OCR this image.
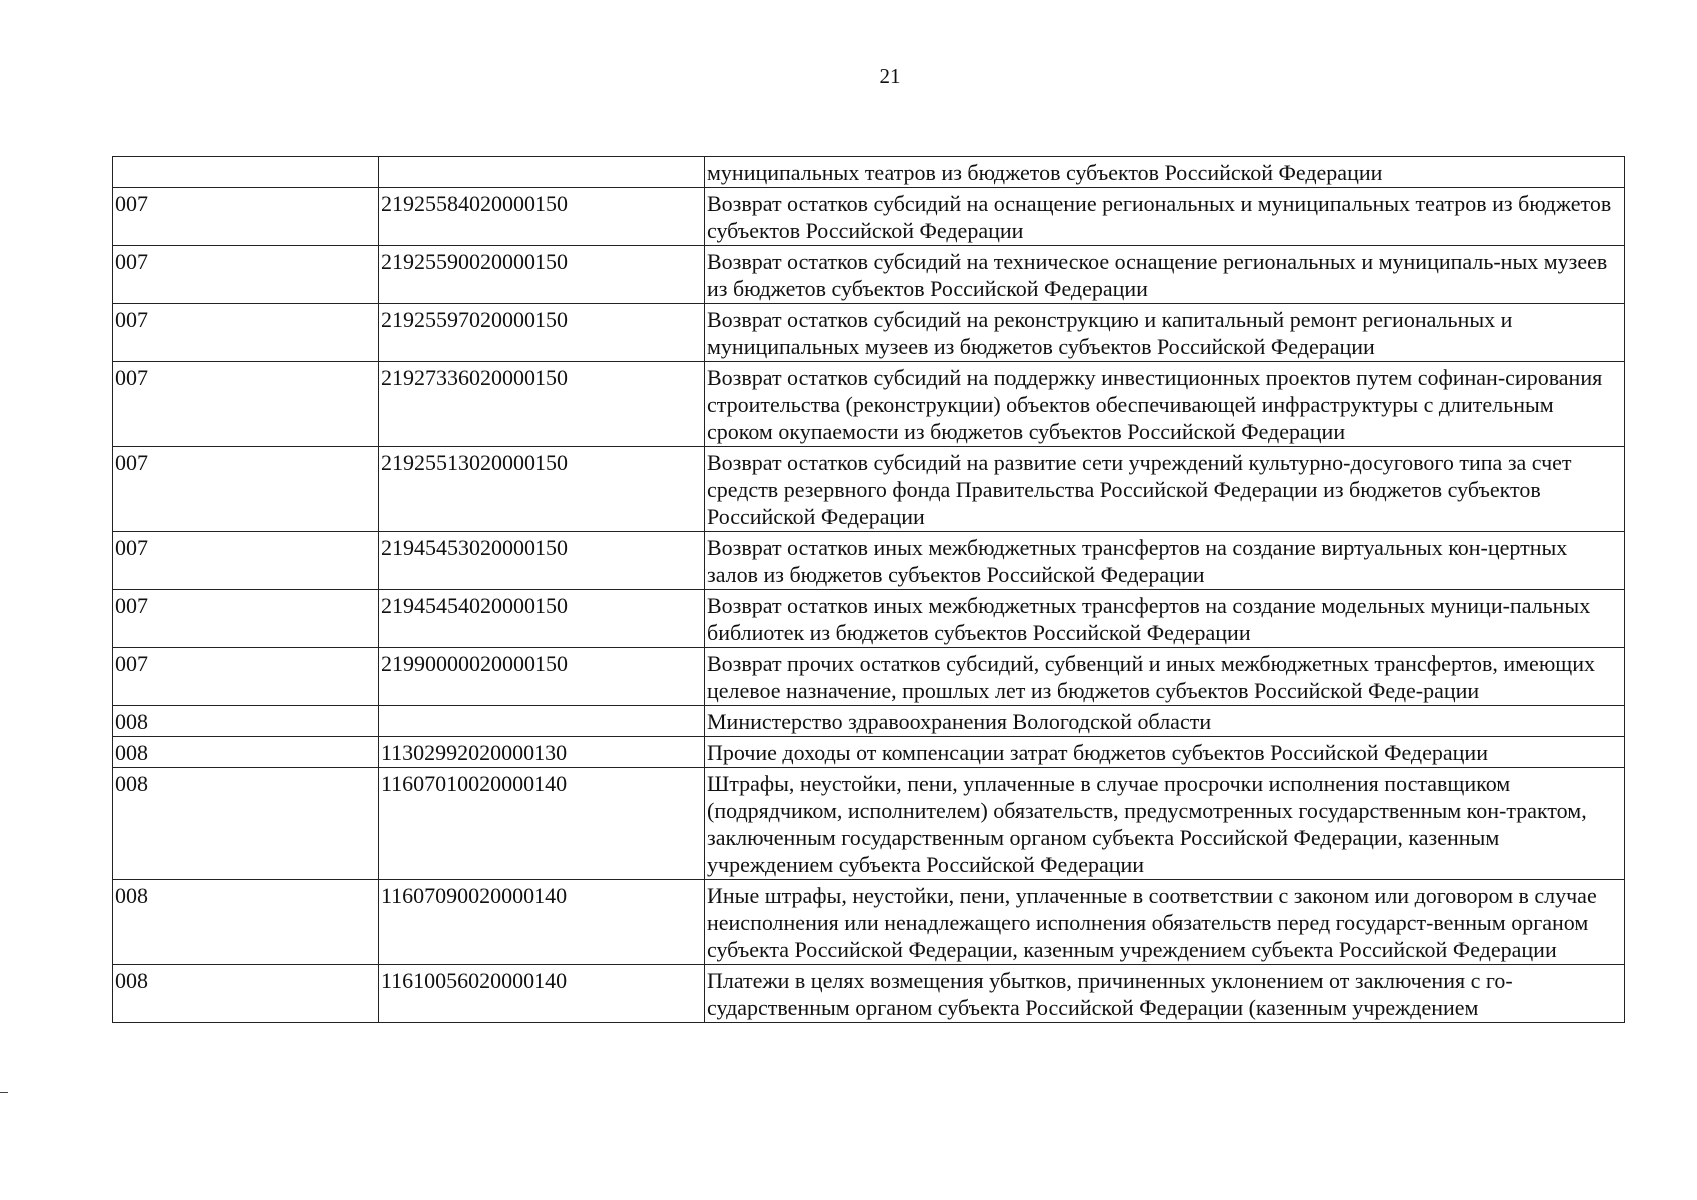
21
		муниципальных театров из бюджетов субъектов Российской Федерации
007	21925584020000150	Возврат остатков субсидий на оснащение региональных и муниципальных театров из бюджетов субъектов Российской Федерации
007	21925590020000150	Возврат остатков субсидий на техническое оснащение региональных и муниципаль-ных музеев из бюджетов субъектов Российской Федерации
007	21925597020000150	Возврат остатков субсидий на реконструкцию и капитальный ремонт региональных и муниципальных музеев из бюджетов субъектов Российской Федерации
007	21927336020000150	Возврат остатков субсидий на поддержку инвестиционных проектов путем софинан-сирования строительства (реконструкции) объектов обеспечивающей инфраструктуры с длительным сроком окупаемости из бюджетов субъектов Российской Федерации
007	21925513020000150	Возврат остатков субсидий на развитие сети учреждений культурно-досугового типа за счет средств резервного фонда Правительства Российской Федерации из бюджетов субъектов Российской Федерации
007	21945453020000150	Возврат остатков иных межбюджетных трансфертов на создание виртуальных кон-цертных залов из бюджетов субъектов Российской Федерации
007	21945454020000150	Возврат остатков иных межбюджетных трансфертов на создание модельных муници-пальных библиотек из бюджетов субъектов Российской Федерации
007	21990000020000150	Возврат прочих остатков субсидий, субвенций и иных межбюджетных трансфертов, имеющих целевое назначение, прошлых лет из бюджетов субъектов Российской Феде-рации
008		Министерство здравоохранения Вологодской области
008	11302992020000130	Прочие доходы от компенсации затрат бюджетов субъектов Российской Федерации
008	11607010020000140	Штрафы, неустойки, пени, уплаченные в случае просрочки исполнения поставщиком (подрядчиком, исполнителем) обязательств, предусмотренных государственным кон-трактом, заключенным государственным органом субъекта Российской Федерации, казенным учреждением субъекта Российской Федерации
008	11607090020000140	Иные штрафы, неустойки, пени, уплаченные в соответствии с законом или договором в случае неисполнения или ненадлежащего исполнения обязательств перед государст-венным органом субъекта Российской Федерации, казенным учреждением субъекта Российской Федерации
008	11610056020000140	Платежи в целях возмещения убытков, причиненных уклонением от заключения с го-сударственным органом субъекта Российской Федерации (казенным учреждением
